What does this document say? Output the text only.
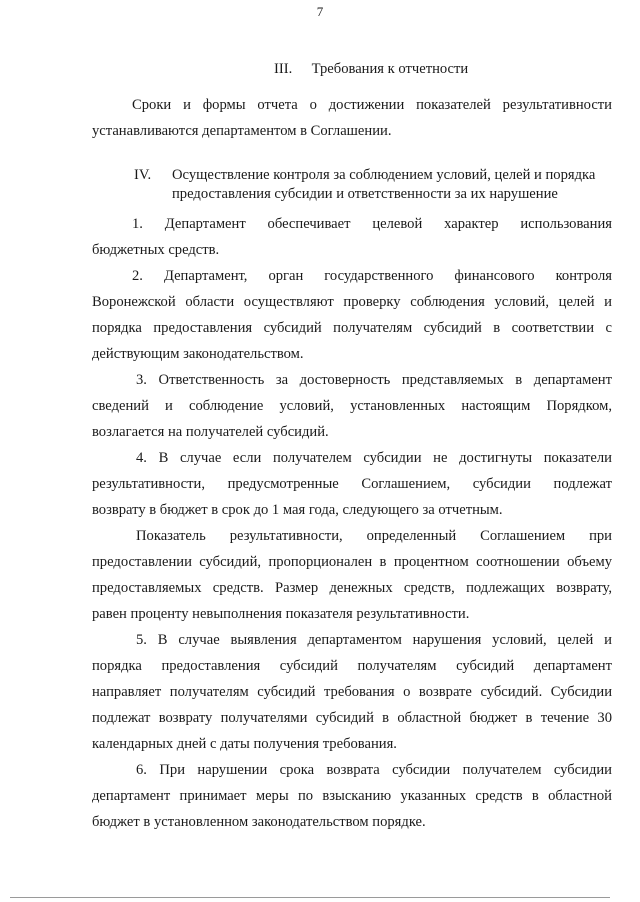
7
III. Требования к отчетности
Сроки и формы отчета о достижении показателей результативности
устанавливаются департаментом в Соглашении.
IV. Осуществление контроля за соблюдением условий, целей и порядка
предоставления субсидии и ответственности за их нарушение
1. Департамент обеспечивает целевой характер использования
бюджетных средств.
2. Департамент, орган государственного финансового контроля
Воронежской области осуществляют проверку соблюдения условий, целей и
порядка предоставления субсидий получателям субсидий в соответствии с
действующим законодательством.
3. Ответственность за достоверность представляемых в департамент
сведений и соблюдение условий, установленных настоящим Порядком,
возлагается на получателей субсидий.
4. В случае если получателем субсидии не достигнуты показатели
результативности, предусмотренные Соглашением, субсидии подлежат
возврату в бюджет в срок до 1 мая года, следующего за отчетным.
Показатель результативности, определенный Соглашением при
предоставлении субсидий, пропорционален в процентном соотношении объему
предоставляемых средств. Размер денежных средств, подлежащих возврату,
равен проценту невыполнения показателя результативности.
5. В случае выявления департаментом нарушения условий, целей и
порядка предоставления субсидий получателям субсидий департамент
направляет получателям субсидий требования о возврате субсидий. Субсидии
подлежат возврату получателями субсидий в областной бюджет в течение 30
календарных дней с даты получения требования.
6. При нарушении срока возврата субсидии получателем субсидии
департамент принимает меры по взысканию указанных средств в областной
бюджет в установленном законодательством порядке.
